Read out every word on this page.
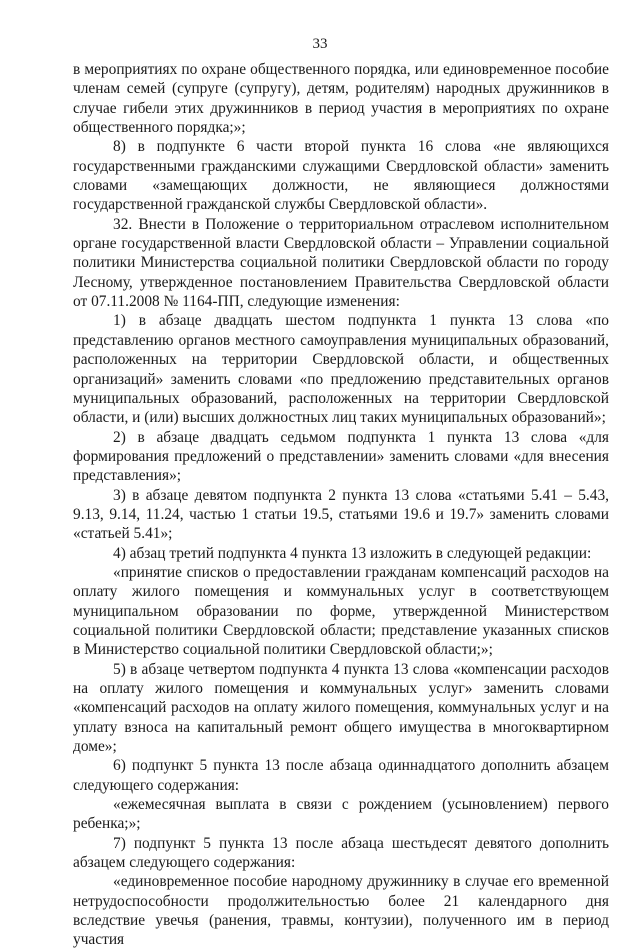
33

в мероприятиях по охране общественного порядка, или единовременное пособие членам семей (супруге (супругу), детям, родителям) народных дружинников в случае гибели этих дружинников в период участия в мероприятиях по охране общественного порядка;»;

8) в подпункте 6 части второй пункта 16 слова «не являющихся государственными гражданскими служащими Свердловской области» заменить словами «замещающих должности, не являющиеся должностями государственной гражданской службы Свердловской области».

32. Внести в Положение о территориальном отраслевом исполнительном органе государственной власти Свердловской области – Управлении социальной политики Министерства социальной политики Свердловской области по городу Лесному, утвержденное постановлением Правительства Свердловской области от 07.11.2008 № 1164-ПП, следующие изменения:

1) в абзаце двадцать шестом подпункта 1 пункта 13 слова «по представлению органов местного самоуправления муниципальных образований, расположенных на территории Свердловской области, и общественных организаций» заменить словами «по предложению представительных органов муниципальных образований, расположенных на территории Свердловской области, и (или) высших должностных лиц таких муниципальных образований»;

2) в абзаце двадцать седьмом подпункта 1 пункта 13 слова «для формирования предложений о представлении» заменить словами «для внесения представления»;

3) в абзаце девятом подпункта 2 пункта 13 слова «статьями 5.41 – 5.43, 9.13, 9.14, 11.24, частью 1 статьи 19.5, статьями 19.6 и 19.7» заменить словами «статьей 5.41»;

4) абзац третий подпункта 4 пункта 13 изложить в следующей редакции:

«принятие списков о предоставлении гражданам компенсаций расходов на оплату жилого помещения и коммунальных услуг в соответствующем муниципальном образовании по форме, утвержденной Министерством социальной политики Свердловской области; представление указанных списков в Министерство социальной политики Свердловской области;»;

5) в абзаце четвертом подпункта 4 пункта 13 слова «компенсации расходов на оплату жилого помещения и коммунальных услуг» заменить словами «компенсаций расходов на оплату жилого помещения, коммунальных услуг и на уплату взноса на капитальный ремонт общего имущества в многоквартирном доме»;

6) подпункт 5 пункта 13 после абзаца одиннадцатого дополнить абзацем следующего содержания:

«ежемесячная выплата в связи с рождением (усыновлением) первого ребенка;»;

7) подпункт 5 пункта 13 после абзаца шестьдесят девятого дополнить абзацем следующего содержания:

«единовременное пособие народному дружиннику в случае его временной нетрудоспособности продолжительностью более 21 календарного дня вследствие увечья (ранения, травмы, контузии), полученного им в период участия
